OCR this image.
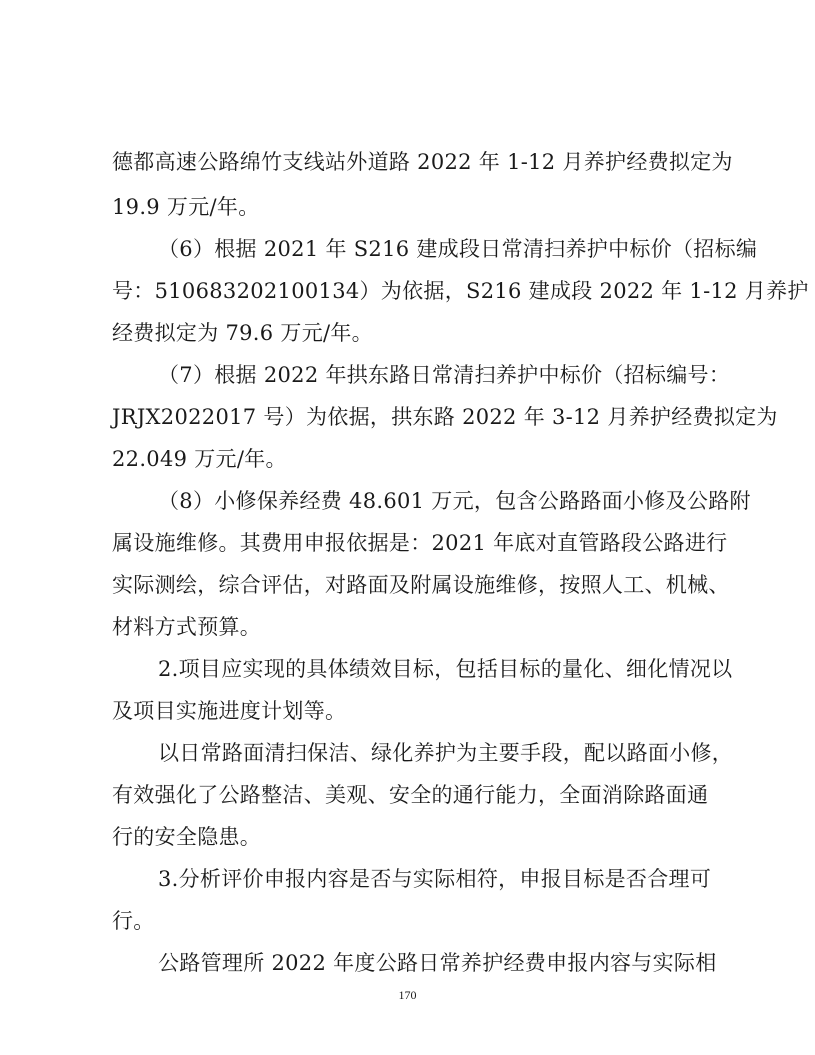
德都高速公路绵竹支线站外道路 2022 年 1-12 月养护经费拟定为
19.9 万元/年。
（6）根据 2021 年 S216 建成段日常清扫养护中标价（招标编
号：510683202100134）为依据，S216 建成段 2022 年 1-12 月养护
经费拟定为 79.6 万元/年。
（7）根据 2022 年拱东路日常清扫养护中标价（招标编号：
JRJX2022017 号）为依据，拱东路 2022 年 3-12 月养护经费拟定为
22.049 万元/年。
（8）小修保养经费 48.601 万元，包含公路路面小修及公路附
属设施维修。其费用申报依据是：2021 年底对直管路段公路进行
实际测绘，综合评估，对路面及附属设施维修，按照人工、机械、
材料方式预算。
2.项目应实现的具体绩效目标，包括目标的量化、细化情况以
及项目实施进度计划等。
以日常路面清扫保洁、绿化养护为主要手段，配以路面小修，
有效强化了公路整洁、美观、安全的通行能力，全面消除路面通
行的安全隐患。
3.分析评价申报内容是否与实际相符，申报目标是否合理可
行。
公路管理所 2022 年度公路日常养护经费申报内容与实际相
170
